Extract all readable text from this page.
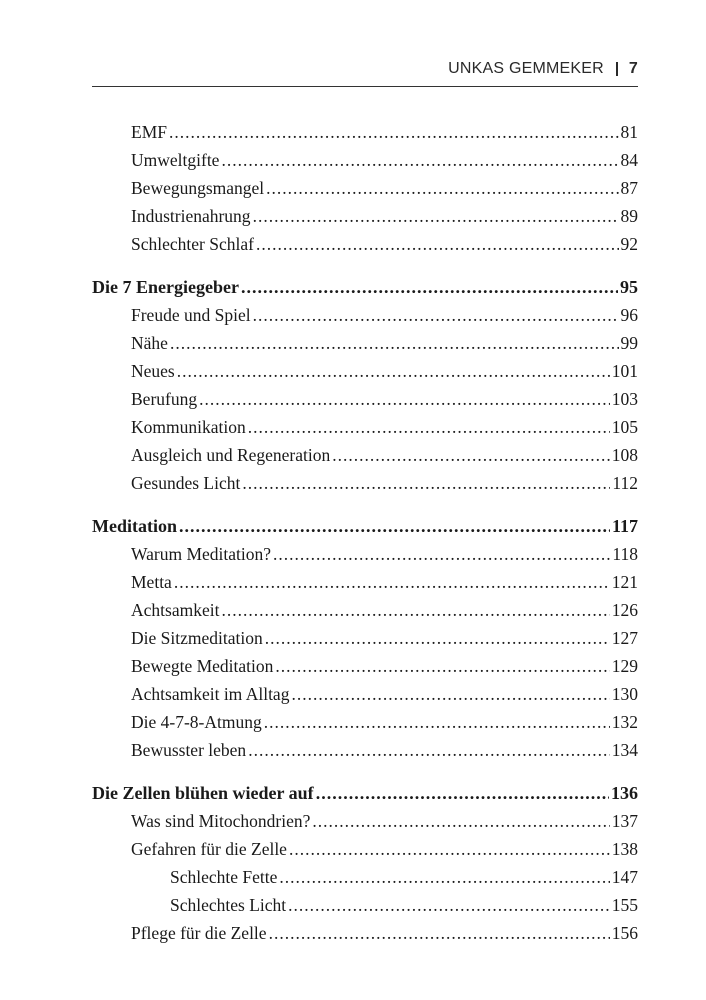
UNKAS GEMMEKER 7
EMF .....	81
Umweltgifte .....	84
Bewegungsmangel .....	87
Industrienahrung .....	89
Schlechter Schlaf .....	92
Die 7 Energiegeber .....	95
Freude und Spiel .....	96
Nähe .....	99
Neues .....	101
Berufung .....	103
Kommunikation .....	105
Ausgleich und Regeneration .....	108
Gesundes Licht .....	112
Meditation .....	117
Warum Meditation? .....	118
Metta .....	121
Achtsamkeit .....	126
Die Sitzmeditation .....	127
Bewegte Meditation .....	129
Achtsamkeit im Alltag .....	130
Die 4-7-8-Atmung .....	132
Bewusster leben .....	134
Die Zellen blühen wieder auf .....	136
Was sind Mitochondrien? .....	137
Gefahren für die Zelle .....	138
Schlechte Fette .....	147
Schlechtes Licht .....	155
Pflege für die Zelle .....	156
